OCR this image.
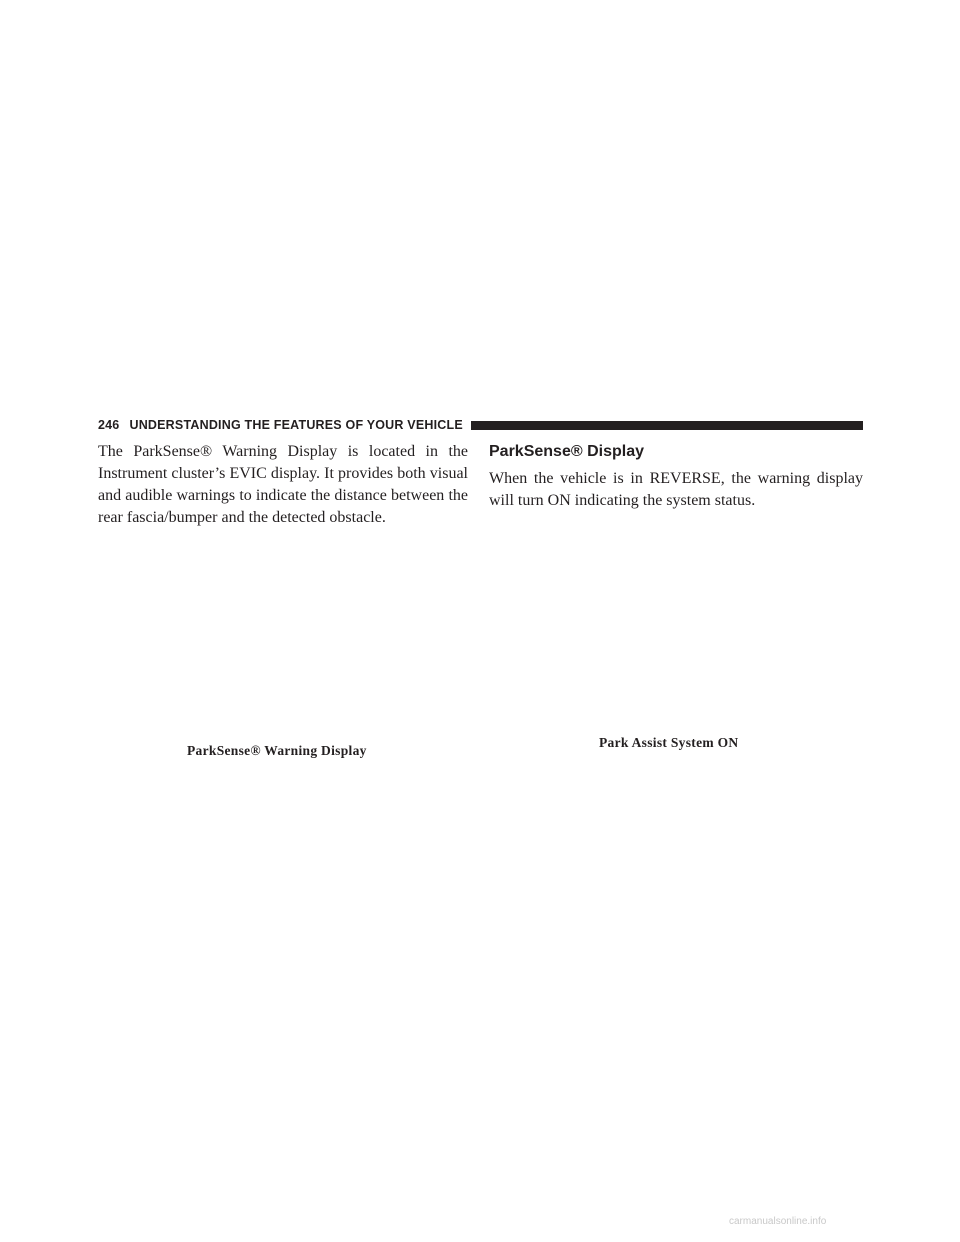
246 UNDERSTANDING THE FEATURES OF YOUR VEHICLE

The ParkSense® Warning Display is located in the Instrument cluster’s EVIC display. It provides both visual and audible warnings to indicate the distance between the rear fascia/bumper and the detected obstacle.

ParkSense® Display

When the vehicle is in REVERSE, the warning display will turn ON indicating the system status.

ParkSense® Warning Display
Park Assist System ON
carmanualsonline.info
